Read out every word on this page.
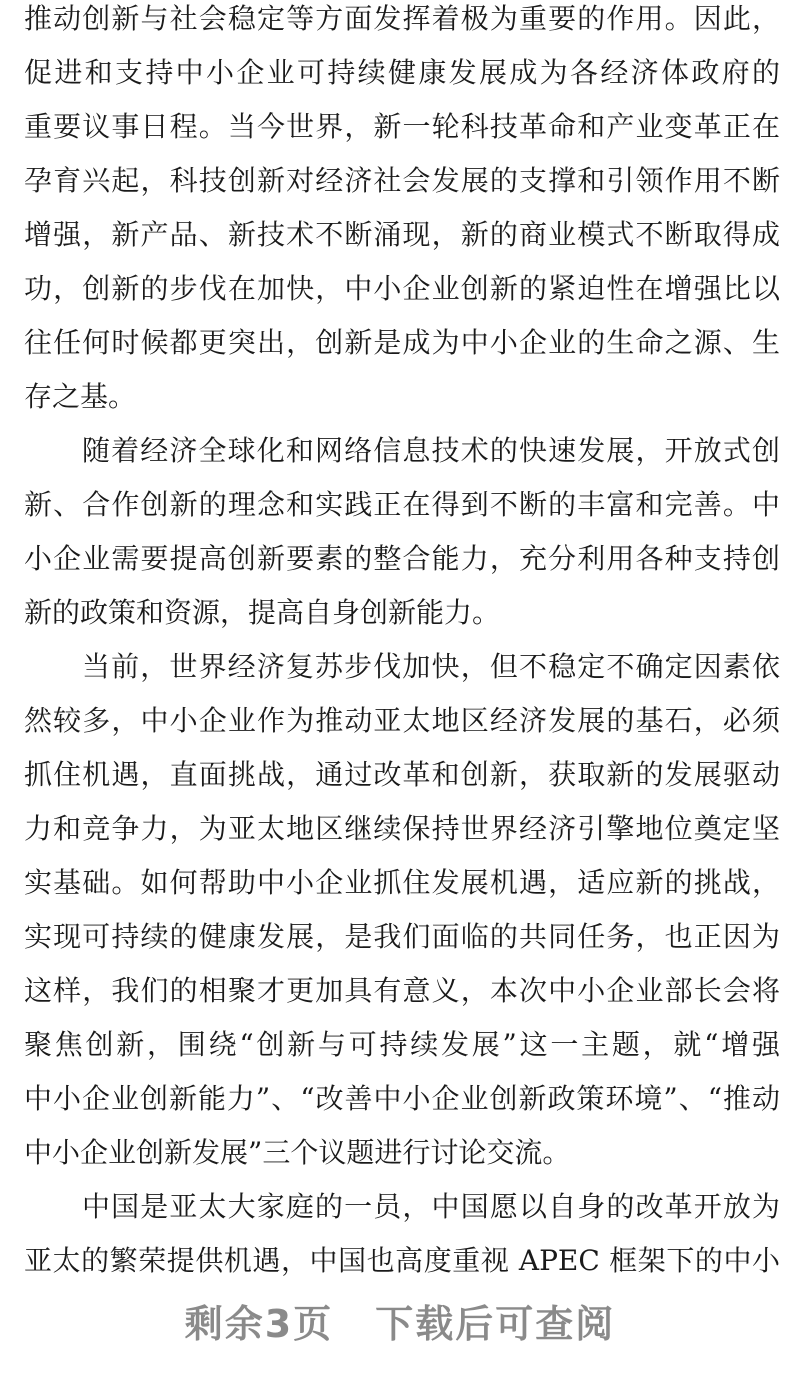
推动创新与社会稳定等方面发挥着极为重要的作用。因此，
促进和支持中小企业可持续健康发展成为各经济体政府的
重要议事日程。当今世界，新一轮科技革命和产业变革正在
孕育兴起，科技创新对经济社会发展的支撑和引领作用不断
增强，新产品、新技术不断涌现，新的商业模式不断取得成
功，创新的步伐在加快，中小企业创新的紧迫性在增强比以
往任何时候都更突出，创新是成为中小企业的生命之源、生
存之基。
随着经济全球化和网络信息技术的快速发展，开放式创
新、合作创新的理念和实践正在得到不断的丰富和完善。中
小企业需要提高创新要素的整合能力，充分利用各种支持创
新的政策和资源，提高自身创新能力。
当前，世界经济复苏步伐加快，但不稳定不确定因素依
然较多，中小企业作为推动亚太地区经济发展的基石，必须
抓住机遇，直面挑战，通过改革和创新，获取新的发展驱动
力和竞争力，为亚太地区继续保持世界经济引擎地位奠定坚
实基础。如何帮助中小企业抓住发展机遇，适应新的挑战，
实现可持续的健康发展，是我们面临的共同任务，也正因为
这样，我们的相聚才更加具有意义，本次中小企业部长会将
聚焦创新，围绕“创新与可持续发展”这一主题，就“增强
中小企业创新能力”、“改善中小企业创新政策环境”、“推动
中小企业创新发展”三个议题进行讨论交流。
中国是亚太大家庭的一员，中国愿以自身的改革开放为
亚太的繁荣提供机遇，中国也高度重视 APEC 框架下的中小
剩余3页 下载后可查阅
